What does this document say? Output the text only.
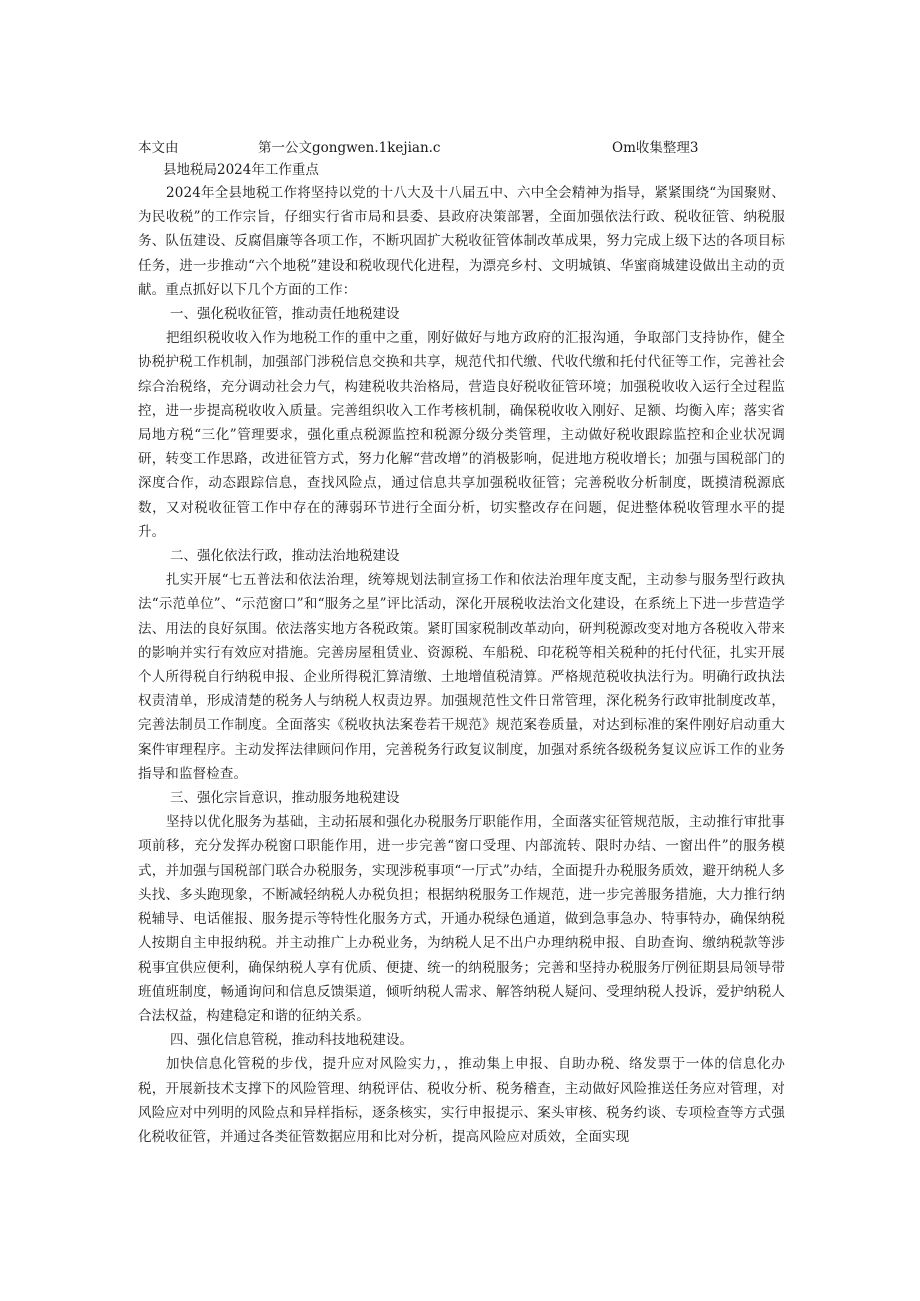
本文由	第一公文gongwen.1kejian.c	Om收集整理3
县地税局2024年工作重点

2024年全县地税工作将坚持以党的十八大及十八届五中、六中全会精神为指导，紧紧围绕“为国聚财、为民收税”的工作宗旨，仔细实行省市局和县委、县政府决策部署，全面加强依法行政、税收征管、纳税服务、队伍建设、反腐倡廉等各项工作，不断巩固扩大税收征管体制改革成果，努力完成上级下达的各项目标任务，进一步推动“六个地税”建设和税收现代化进程，为漂亮乡村、文明城镇、华蜜商城建设做出主动的贡献。重点抓好以下几个方面的工作：

一、强化税收征管，推动责任地税建设

把组织税收收入作为地税工作的重中之重，刚好做好与地方政府的汇报沟通，争取部门支持协作，健全协税护税工作机制，加强部门涉税信息交换和共享，规范代扣代缴、代收代缴和托付代征等工作，完善社会综合治税络，充分调动社会力气，构建税收共治格局，营造良好税收征管环境；加强税收收入运行全过程监控，进一步提高税收收入质量。完善组织收入工作考核机制，确保税收收入刚好、足额、均衡入库；落实省局地方税“三化”管理要求，强化重点税源监控和税源分级分类管理，主动做好税收跟踪监控和企业状况调研，转变工作思路，改进征管方式，努力化解“营改增”的消极影响，促进地方税收增长；加强与国税部门的深度合作，动态跟踪信息，查找风险点，通过信息共享加强税收征管；完善税收分析制度，既摸清税源底数，又对税收征管工作中存在的薄弱环节进行全面分析，切实整改存在问题，促进整体税收管理水平的提升。

二、强化依法行政，推动法治地税建设

扎实开展“七五普法和依法治理，统筹规划法制宣扬工作和依法治理年度支配，主动参与服务型行政执法“示范单位”、“示范窗口”和“服务之星”评比活动，深化开展税收法治文化建设，在系统上下进一步营造学法、用法的良好氛围。依法落实地方各税政策。紧盯国家税制改革动向，研判税源改变对地方各税收入带来的影响并实行有效应对措施。完善房屋租赁业、资源税、车船税、印花税等相关税种的托付代征，扎实开展个人所得税自行纳税申报、企业所得税汇算清缴、土地增值税清算。严格规范税收执法行为。明确行政执法权责清单，形成清楚的税务人与纳税人权责边界。加强规范性文件日常管理，深化税务行政审批制度改革，完善法制员工作制度。全面落实《税收执法案卷若干规范》规范案卷质量，对达到标准的案件刚好启动重大案件审理程序。主动发挥法律顾问作用，完善税务行政复议制度，加强对系统各级税务复议应诉工作的业务指导和监督检查。

三、强化宗旨意识，推动服务地税建设

坚持以优化服务为基础，主动拓展和强化办税服务厅职能作用，全面落实征管规范版，主动推行审批事项前移，充分发挥办税窗口职能作用，进一步完善“窗口受理、内部流转、限时办结、一窗出件”的服务模式，并加强与国税部门联合办税服务，实现涉税事项“一厅式”办结，全面提升办税服务质效，避开纳税人多头找、多头跑现象，不断减轻纳税人办税负担；根据纳税服务工作规范，进一步完善服务措施，大力推行纳税辅导、电话催报、服务提示等特性化服务方式，开通办税绿色通道，做到急事急办、特事特办，确保纳税人按期自主申报纳税。并主动推广上办税业务，为纳税人足不出户办理纳税申报、自助查询、缴纳税款等涉税事宜供应便利，确保纳税人享有优质、便捷、统一的纳税服务；完善和坚持办税服务厅例征期县局领导带班值班制度，畅通询问和信息反馈渠道，倾听纳税人需求、解答纳税人疑问、受理纳税人投诉，爱护纳税人合法权益，构建稳定和谐的征纳关系。

四、强化信息管税，推动科技地税建设。

加快信息化管税的步伐，提升应对风险实力，，推动集上申报、自助办税、络发票于一体的信息化办税，开展新技术支撑下的风险管理、纳税评估、税收分析、税务稽查，主动做好风险推送任务应对管理，对风险应对中列明的风险点和异样指标，逐条核实，实行申报提示、案头审核、税务约谈、专项检查等方式强化税收征管，并通过各类征管数据应用和比对分析，提高风险应对质效，全面实现
